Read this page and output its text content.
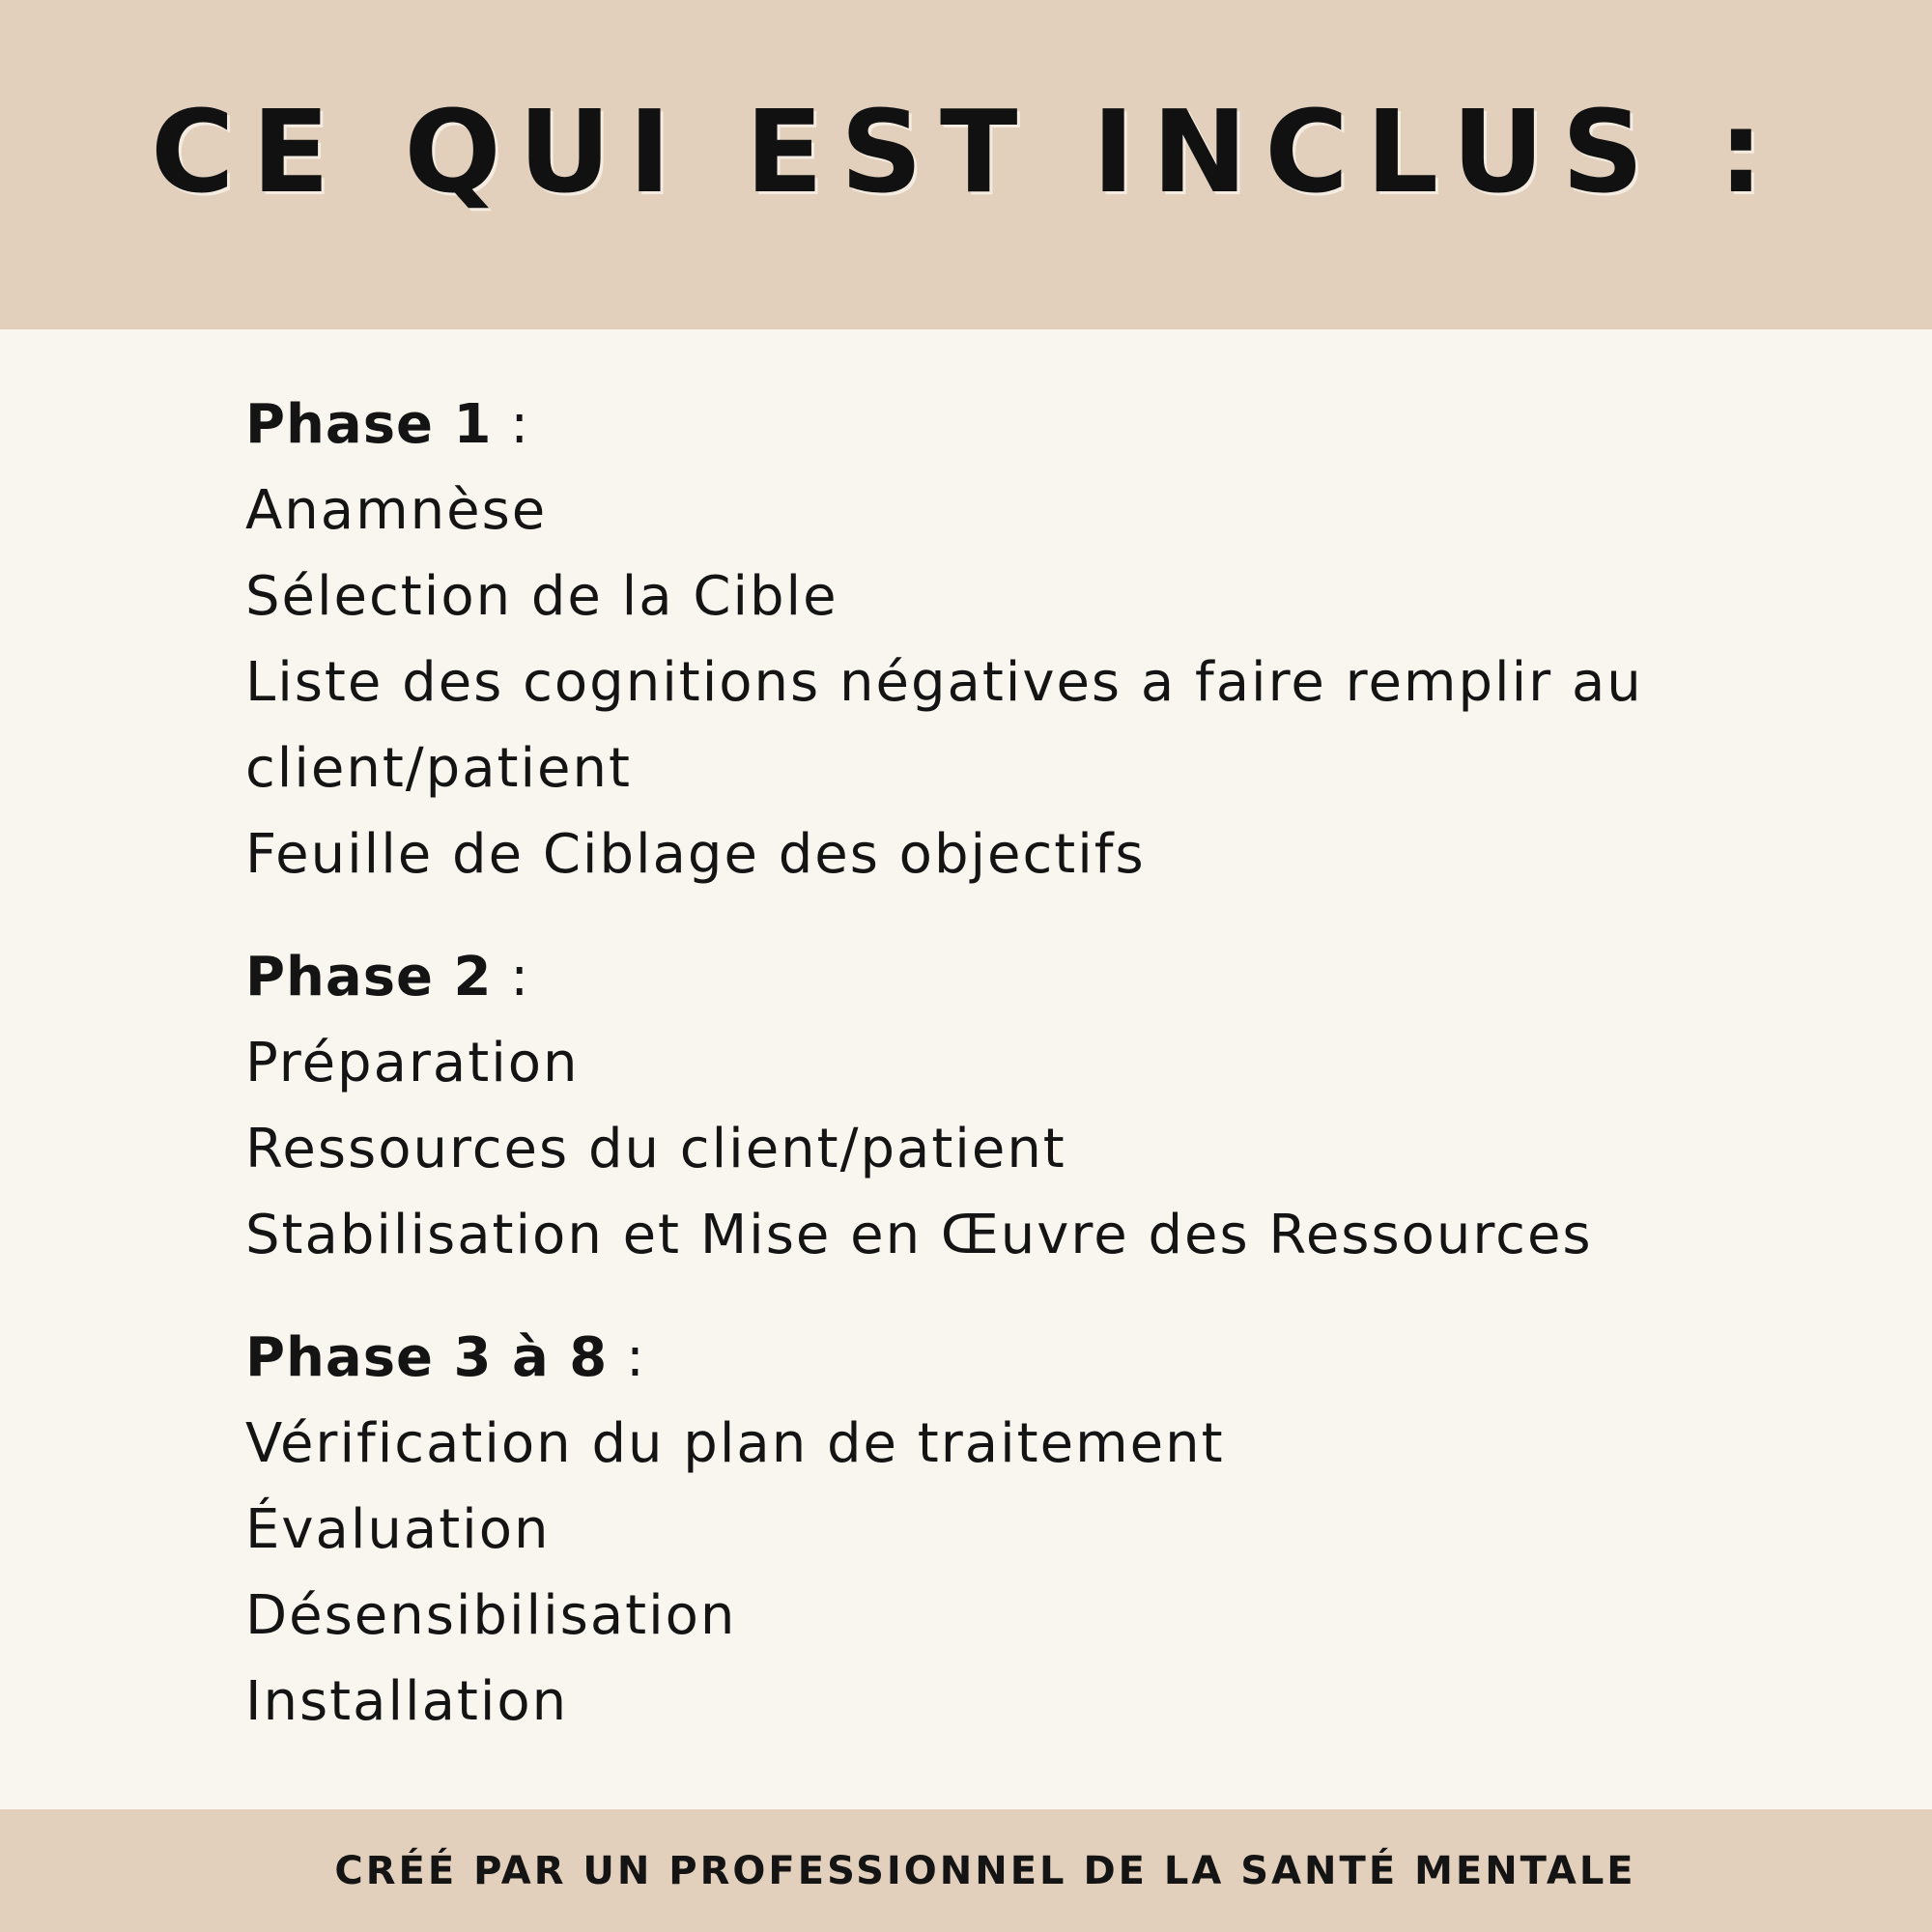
CE QUI EST INCLUS :
Phase 1 :
Anamnèse
Sélection de la Cible
Liste des cognitions négatives a faire remplir au client/patient
Feuille de Ciblage des objectifs
Phase 2 :
Préparation
Ressources du client/patient
Stabilisation et Mise en Œuvre des Ressources
Phase 3 à 8 :
Vérification du plan de traitement
Évaluation
Désensibilisation
Installation
CRÉÉ PAR UN PROFESSIONNEL DE LA SANTÉ MENTALE
